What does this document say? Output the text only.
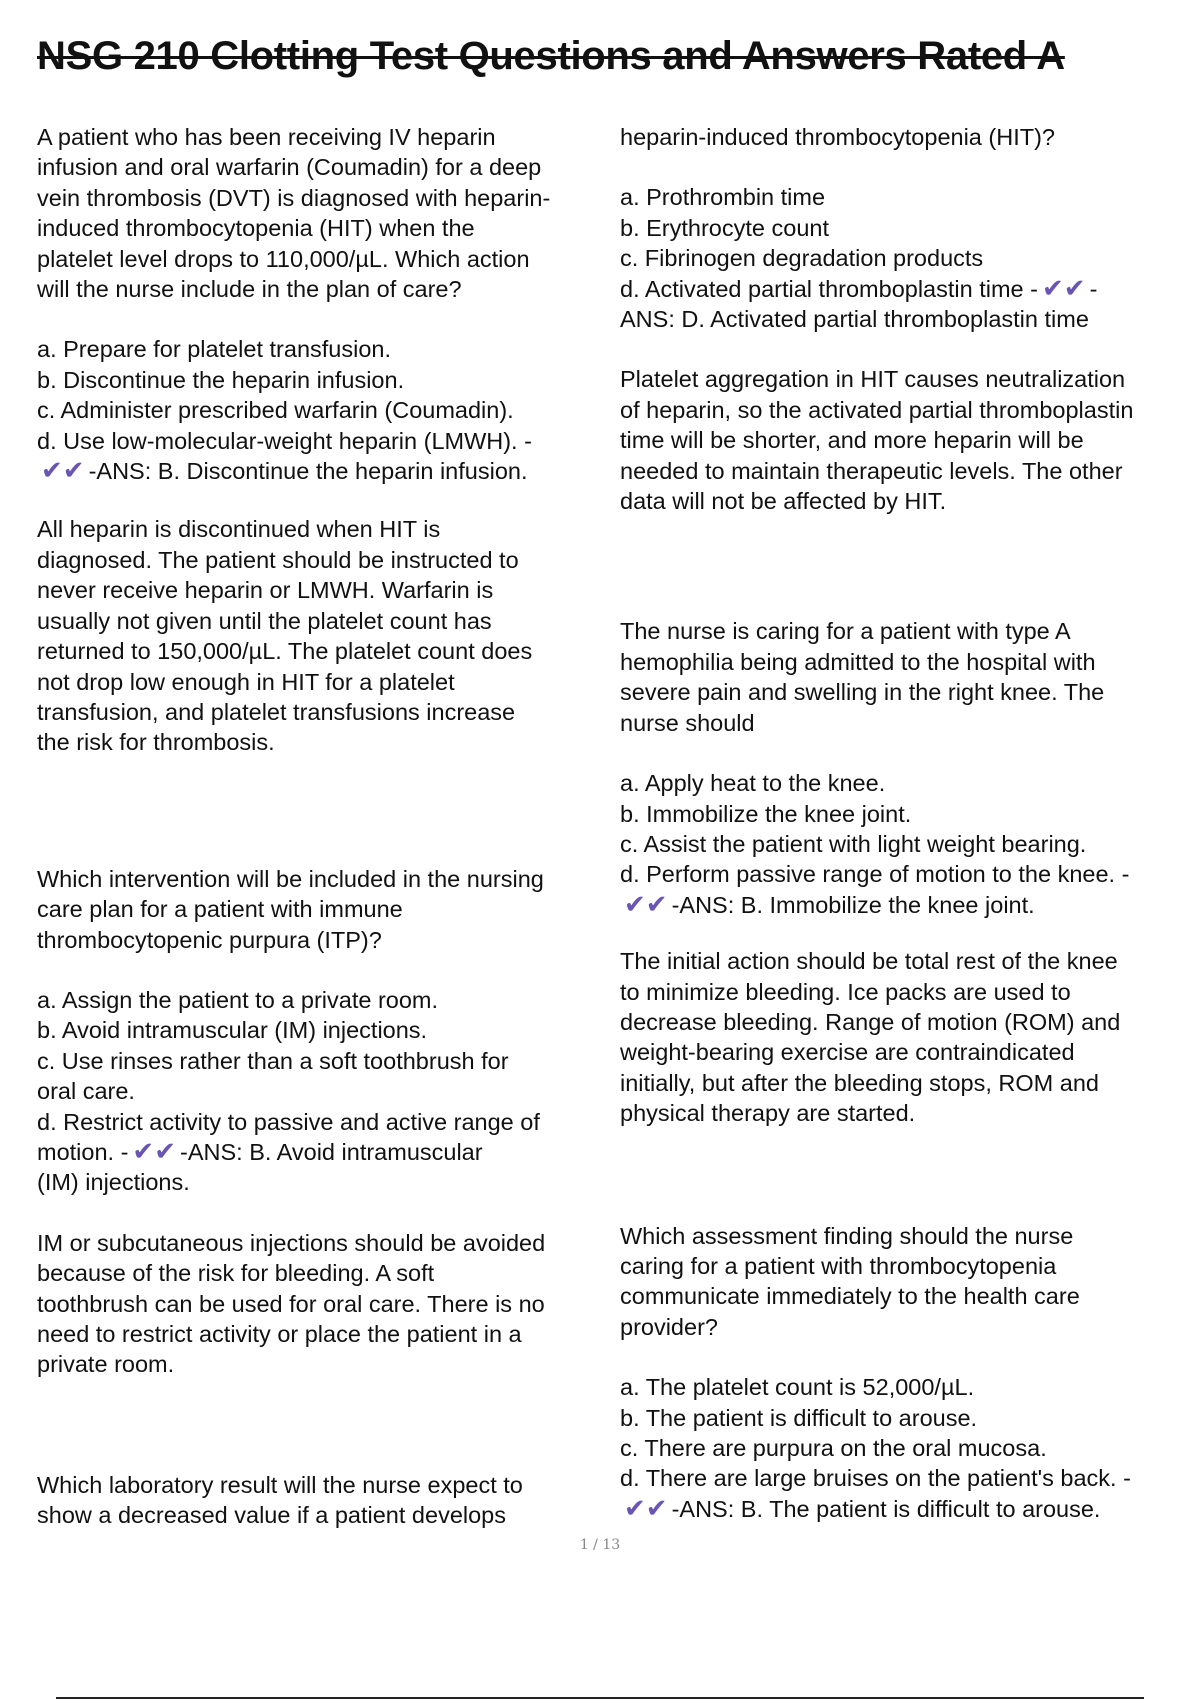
NSG 210 Clotting Test Questions and Answers Rated A

A patient who has been receiving IV heparin
infusion and oral warfarin (Coumadin) for a deep
vein thrombosis (DVT) is diagnosed with heparin-
induced thrombocytopenia (HIT) when the
platelet level drops to 110,000/µL. Which action
will the nurse include in the plan of care?

a. Prepare for platelet transfusion.
b. Discontinue the heparin infusion.
c. Administer prescribed warfarin (Coumadin).
d. Use low-molecular-weight heparin (LMWH). -

✔✔ -ANS: B. Discontinue the heparin infusion.

All heparin is discontinued when HIT is
diagnosed. The patient should be instructed to
never receive heparin or LMWH. Warfarin is
usually not given until the platelet count has
returned to 150,000/µL. The platelet count does
not drop low enough in HIT for a platelet
transfusion, and platelet transfusions increase
the risk for thrombosis.

Which intervention will be included in the nursing
care plan for a patient with immune
thrombocytopenic purpura (ITP)?

a. Assign the patient to a private room.
b. Avoid intramuscular (IM) injections.
c. Use rinses rather than a soft toothbrush for
oral care.
d. Restrict activity to passive and active range of

motion. - ✔✔ -ANS: B. Avoid intramuscular

(IM) injections.

IM or subcutaneous injections should be avoided
because of the risk for bleeding. A soft
toothbrush can be used for oral care. There is no
need to restrict activity or place the patient in a
private room.

Which laboratory result will the nurse expect to
show a decreased value if a patient develops

heparin-induced thrombocytopenia (HIT)?

a. Prothrombin time
b. Erythrocyte count
c. Fibrinogen degradation products

d. Activated partial thromboplastin time - ✔✔ -

ANS: D. Activated partial thromboplastin time

Platelet aggregation in HIT causes neutralization
of heparin, so the activated partial thromboplastin
time will be shorter, and more heparin will be
needed to maintain therapeutic levels. The other
data will not be affected by HIT.

The nurse is caring for a patient with type A
hemophilia being admitted to the hospital with
severe pain and swelling in the right knee. The
nurse should

a. Apply heat to the knee.
b. Immobilize the knee joint.
c. Assist the patient with light weight bearing.
d. Perform passive range of motion to the knee. -

✔✔ -ANS: B. Immobilize the knee joint.

The initial action should be total rest of the knee
to minimize bleeding. Ice packs are used to
decrease bleeding. Range of motion (ROM) and
weight-bearing exercise are contraindicated
initially, but after the bleeding stops, ROM and
physical therapy are started.

Which assessment finding should the nurse
caring for a patient with thrombocytopenia
communicate immediately to the health care
provider?

a. The platelet count is 52,000/µL.
b. The patient is difficult to arouse.
c. There are purpura on the oral mucosa.
d. There are large bruises on the patient's back. -

✔✔ -ANS: B. The patient is difficult to arouse.
1 / 13
